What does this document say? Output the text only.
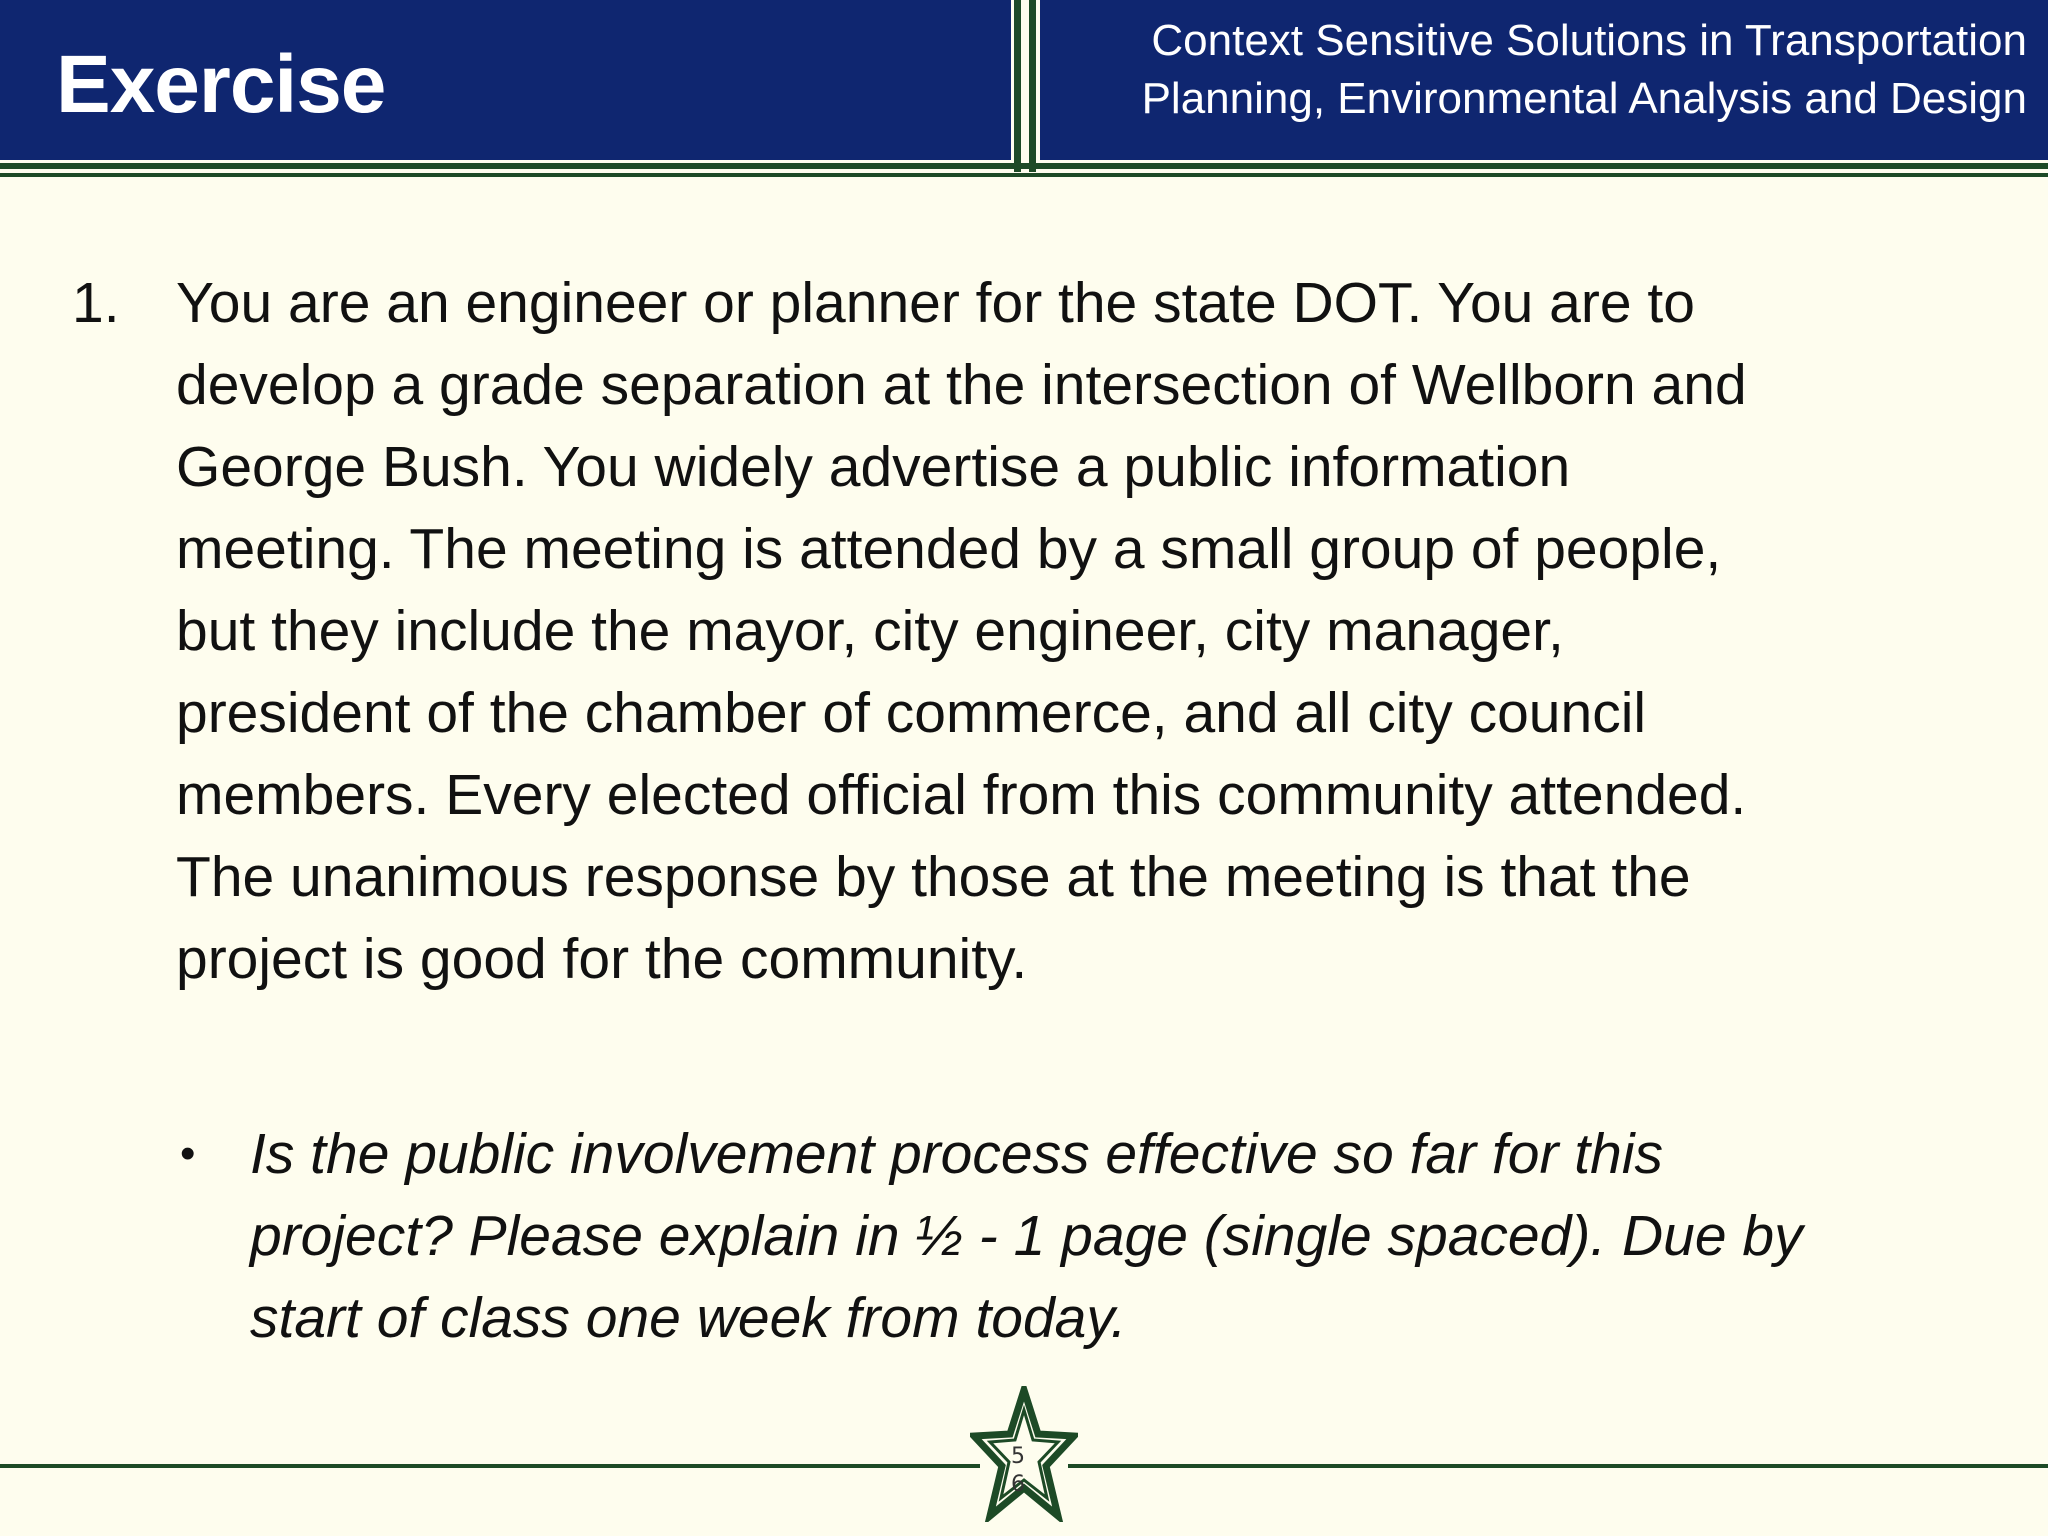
Exercise	Context Sensitive Solutions in Transportation
Planning, Environmental Analysis and Design
1. You are an engineer or planner for the state DOT. You are to
develop a grade separation at the intersection of Wellborn and
George Bush. You widely advertise a public information
meeting. The meeting is attended by a small group of people,
but they include the mayor, city engineer, city manager,
president of the chamber of commerce, and all city council
members. Every elected official from this community attended.
The unanimous response by those at the meeting is that the
project is good for the community.
• Is the public involvement process effective so far for this
project? Please explain in ½ - 1 page (single spaced). Due by
start of class one week from today.
5
6
